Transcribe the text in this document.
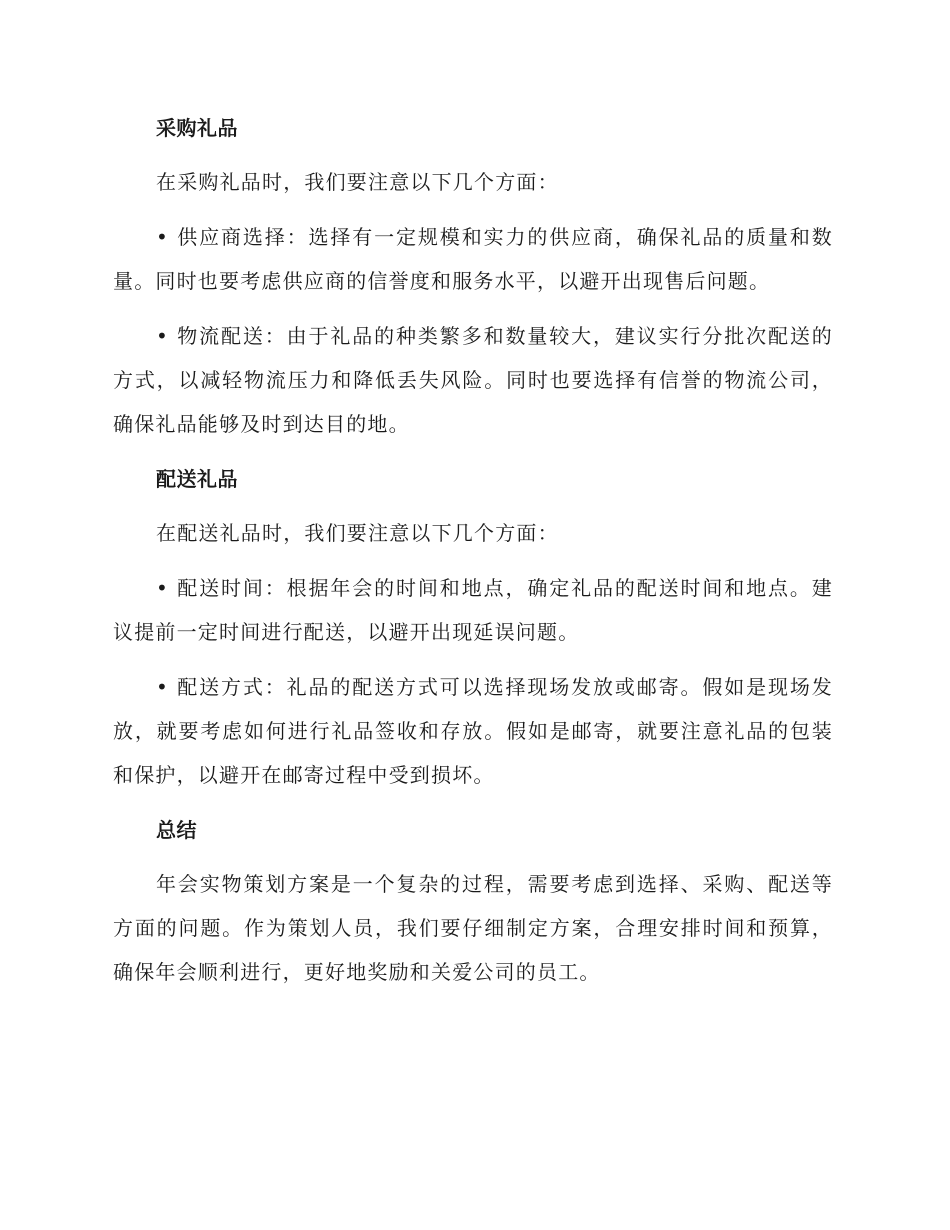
采购礼品

在采购礼品时，我们要注意以下几个方面：

• 供应商选择：选择有一定规模和实力的供应商，确保礼品的质量和数量。同时也要考虑供应商的信誉度和服务水平，以避开出现售后问题。

• 物流配送：由于礼品的种类繁多和数量较大，建议实行分批次配送的方式，以减轻物流压力和降低丢失风险。同时也要选择有信誉的物流公司，确保礼品能够及时到达目的地。

配送礼品

在配送礼品时，我们要注意以下几个方面：

• 配送时间：根据年会的时间和地点，确定礼品的配送时间和地点。建议提前一定时间进行配送，以避开出现延误问题。

• 配送方式：礼品的配送方式可以选择现场发放或邮寄。假如是现场发放，就要考虑如何进行礼品签收和存放。假如是邮寄，就要注意礼品的包装和保护，以避开在邮寄过程中受到损坏。

总结

年会实物策划方案是一个复杂的过程，需要考虑到选择、采购、配送等方面的问题。作为策划人员，我们要仔细制定方案，合理安排时间和预算，确保年会顺利进行，更好地奖励和关爱公司的员工。
